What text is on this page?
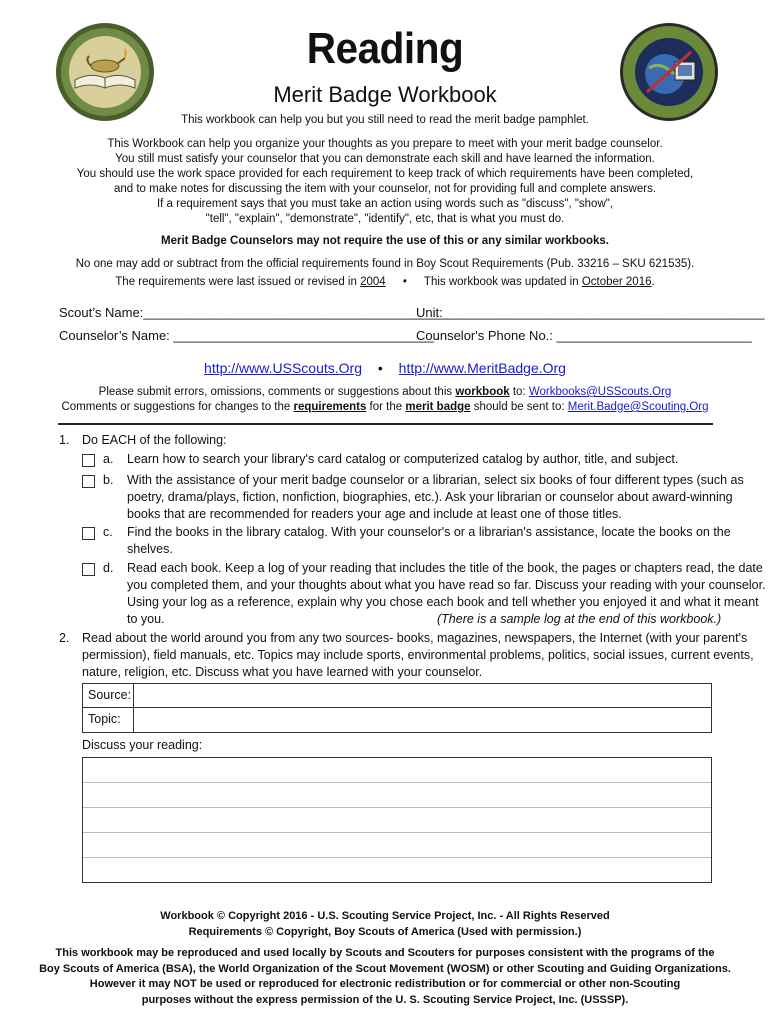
Reading
Merit Badge Workbook
This workbook can help you but you still need to read the merit badge pamphlet.
This Workbook can help you organize your thoughts as you prepare to meet with your merit badge counselor.
You still must satisfy your counselor that you can demonstrate each skill and have learned the information.
You should use the work space provided for each requirement to keep track of which requirements have been completed,
and to make notes for discussing the item with your counselor, not for providing full and complete answers.
If a requirement says that you must take an action using words such as "discuss", "show",
"tell", "explain", "demonstrate", "identify", etc, that is what you must do.
Merit Badge Counselors may not require the use of this or any similar workbooks.
No one may add or subtract from the official requirements found in Boy Scout Requirements (Pub. 33216 – SKU 621535).
The requirements were last issued or revised in 2004 • This workbook was updated in October 2016.
Scout’s Name:__________________________________________
Unit: ____________________________________________
Counselor’s Name: ____________________________________
Counselor's Phone No.: ___________________________
http://www.USScouts.Org • http://www.MeritBadge.Org
Please submit errors, omissions, comments or suggestions about this workbook to: Workbooks@USScouts.Org
Comments or suggestions for changes to the requirements for the merit badge should be sent to: Merit.Badge@Scouting.Org
1. Do EACH of the following:
a. Learn how to search your library's card catalog or computerized catalog by author, title, and subject.
b. With the assistance of your merit badge counselor or a librarian, select six books of four different types (such as
poetry, drama/plays, fiction, nonfiction, biographies, etc.). Ask your librarian or counselor about award-winning
books that are recommended for readers your age and include at least one of those titles.
c. Find the books in the library catalog. With your counselor's or a librarian's assistance, locate the books on the
shelves.
d. Read each book. Keep a log of your reading that includes the title of the book, the pages or chapters read, the date
you completed them, and your thoughts about what you have read so far. Discuss your reading with your counselor.
Using your log as a reference, explain why you chose each book and tell whether you enjoyed it and what it meant
to you.	(There is a sample log at the end of this workbook.)
2. Read about the world around you from any two sources- books, magazines, newspapers, the Internet (with your parent's
permission), field manuals, etc. Topics may include sports, environmental problems, politics, social issues, current events,
nature, religion, etc. Discuss what you have learned with your counselor.
Source:
Topic:
Discuss your reading:
Workbook © Copyright 2016 - U.S. Scouting Service Project, Inc. - All Rights Reserved
Requirements © Copyright, Boy Scouts of America (Used with permission.)
This workbook may be reproduced and used locally by Scouts and Scouters for purposes consistent with the programs of the
Boy Scouts of America (BSA), the World Organization of the Scout Movement (WOSM) or other Scouting and Guiding Organizations.
However it may NOT be used or reproduced for electronic redistribution or for commercial or other non-Scouting
purposes without the express permission of the U. S. Scouting Service Project, Inc. (USSSP).
